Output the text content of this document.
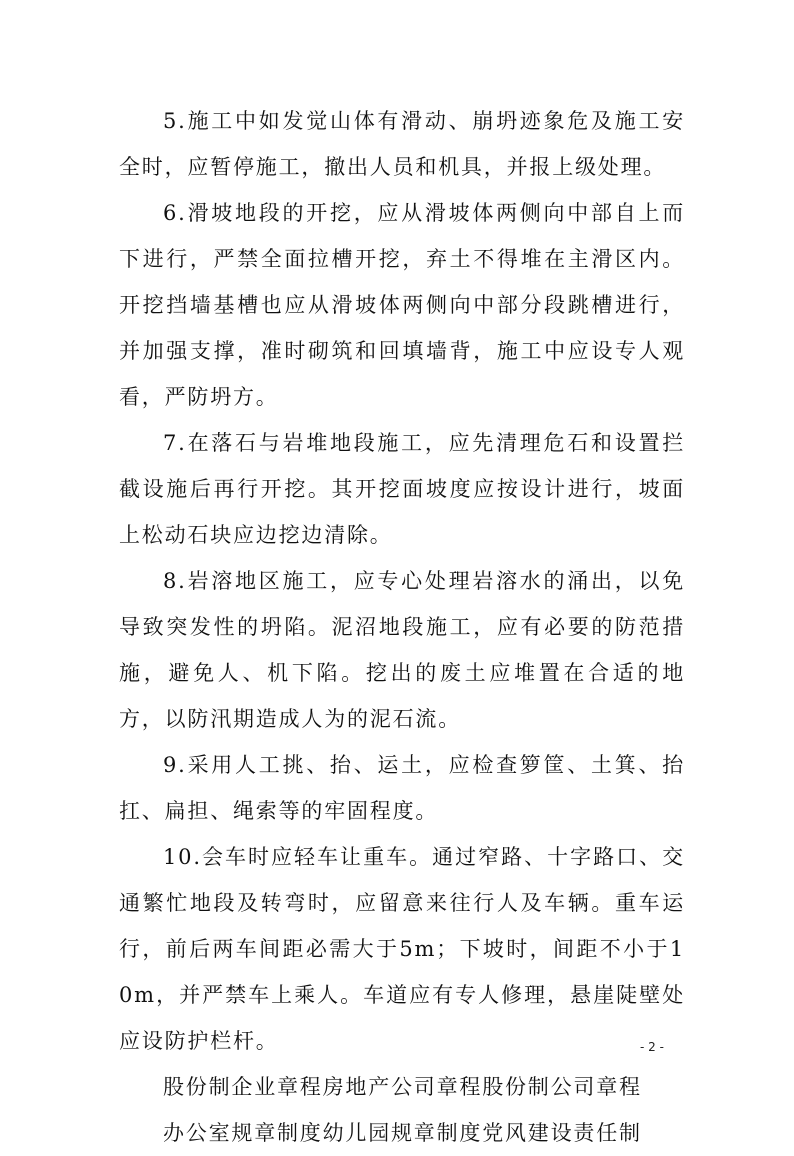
5.施工中如发觉山体有滑动、崩坍迹象危及施工安全时，应暂停施工，撤出人员和机具，并报上级处理。

6.滑坡地段的开挖，应从滑坡体两侧向中部自上而下进行，严禁全面拉槽开挖，弃土不得堆在主滑区内。开挖挡墙基槽也应从滑坡体两侧向中部分段跳槽进行，并加强支撑，准时砌筑和回填墙背，施工中应设专人观看，严防坍方。

7.在落石与岩堆地段施工，应先清理危石和设置拦截设施后再行开挖。其开挖面坡度应按设计进行，坡面上松动石块应边挖边清除。

8.岩溶地区施工，应专心处理岩溶水的涌出，以免导致突发性的坍陷。泥沼地段施工，应有必要的防范措施，避免人、机下陷。挖出的废土应堆置在合适的地方，以防汛期造成人为的泥石流。

9.采用人工挑、抬、运土，应检查箩筐、土箕、抬扛、扁担、绳索等的牢固程度。

10.会车时应轻车让重车。通过窄路、十字路口、交通繁忙地段及转弯时，应留意来往行人及车辆。重车运行，前后两车间距必需大于5m；下坡时，间距不小于10m，并严禁车上乘人。车道应有专人修理，悬崖陡壁处应设防护栏杆。

股份制企业章程房地产公司章程股份制公司章程

办公室规章制度幼儿园规章制度党风建设责任制

- 2 -
